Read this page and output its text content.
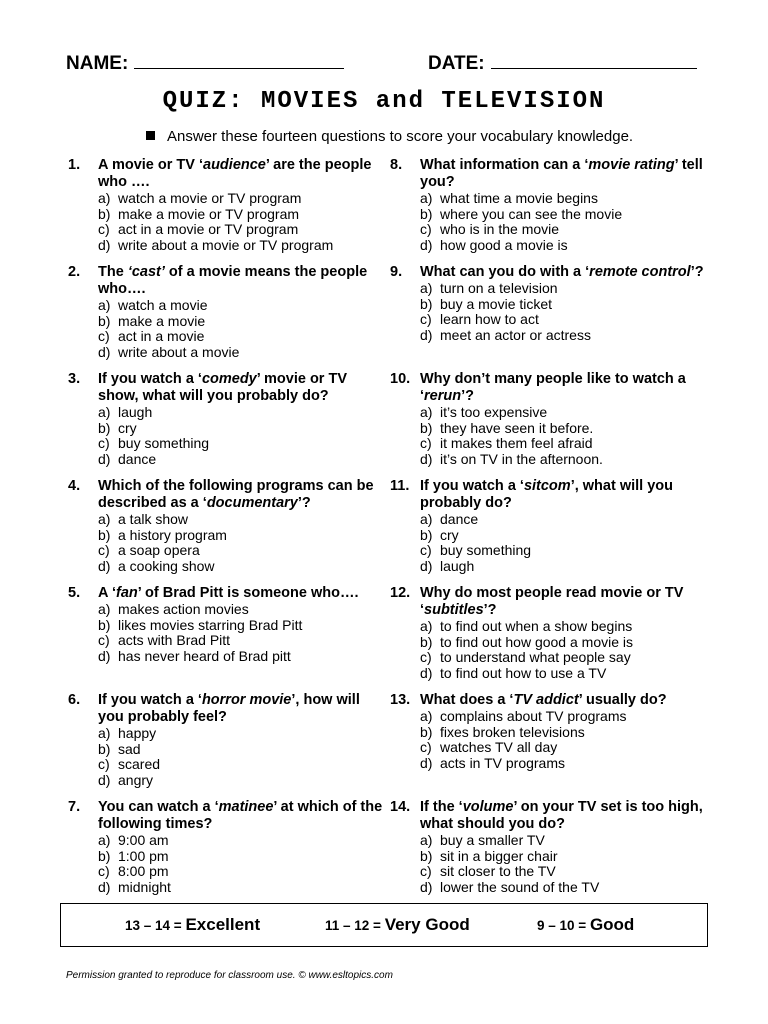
NAME:	DATE:
QUIZ: MOVIES and TELEVISION
Answer these fourteen questions to score your vocabulary knowledge.
1.	A movie or TV ‘audience’ are the people who ….
a) watch a movie or TV program
b) make a movie or TV program
c) act in a movie or TV program
d) write about a movie or TV program
2.	The ‘cast’ of a movie means the people who….
a) watch a movie
b) make a movie
c) act in a movie
d) write about a movie
3.	If you watch a ‘comedy’ movie or TV show, what will you probably do?
a) laugh
b) cry
c) buy something
d) dance
4.	Which of the following programs can be described as a ‘documentary’?
a) a talk show
b) a history program
c) a soap opera
d) a cooking show
5.	A ‘fan’ of Brad Pitt is someone who….
a) makes action movies
b) likes movies starring Brad Pitt
c) acts with Brad Pitt
d) has never heard of Brad pitt
6.	If you watch a ‘horror movie’, how will you probably feel?
a) happy
b) sad
c) scared
d) angry
7.	You can watch a ‘matinee’ at which of the following times?
a) 9:00 am
b) 1:00 pm
c) 8:00 pm
d) midnight
8.	What information can a ‘movie rating’ tell you?
a) what time a movie begins
b) where you can see the movie
c) who is in the movie
d) how good a movie is
9.	What can you do with a ‘remote control’?
a) turn on a television
b) buy a movie ticket
c) learn how to act
d) meet an actor or actress
10. Why don’t many people like to watch a ‘rerun’?
a) it’s too expensive
b) they have seen it before.
c) it makes them feel afraid
d) it’s on TV in the afternoon.
11. If you watch a ‘sitcom’, what will you probably do?
a) dance
b) cry
c) buy something
d) laugh
12. Why do most people read movie or TV ‘subtitles’?
a) to find out when a show begins
b) to find out how good a movie is
c) to understand what people say
d) to find out how to use a TV
13. What does a ‘TV addict’ usually do?
a) complains about TV programs
b) fixes broken televisions
c) watches TV all day
d) acts in TV programs
14. If the ‘volume’ on your TV set is too high, what should you do?
a) buy a smaller TV
b) sit in a bigger chair
c) sit closer to the TV
d) lower the sound of the TV
13 – 14 = Excellent	11 – 12 = Very Good	9 – 10 = Good
Permission granted to reproduce for classroom use. © www.esltopics.com
